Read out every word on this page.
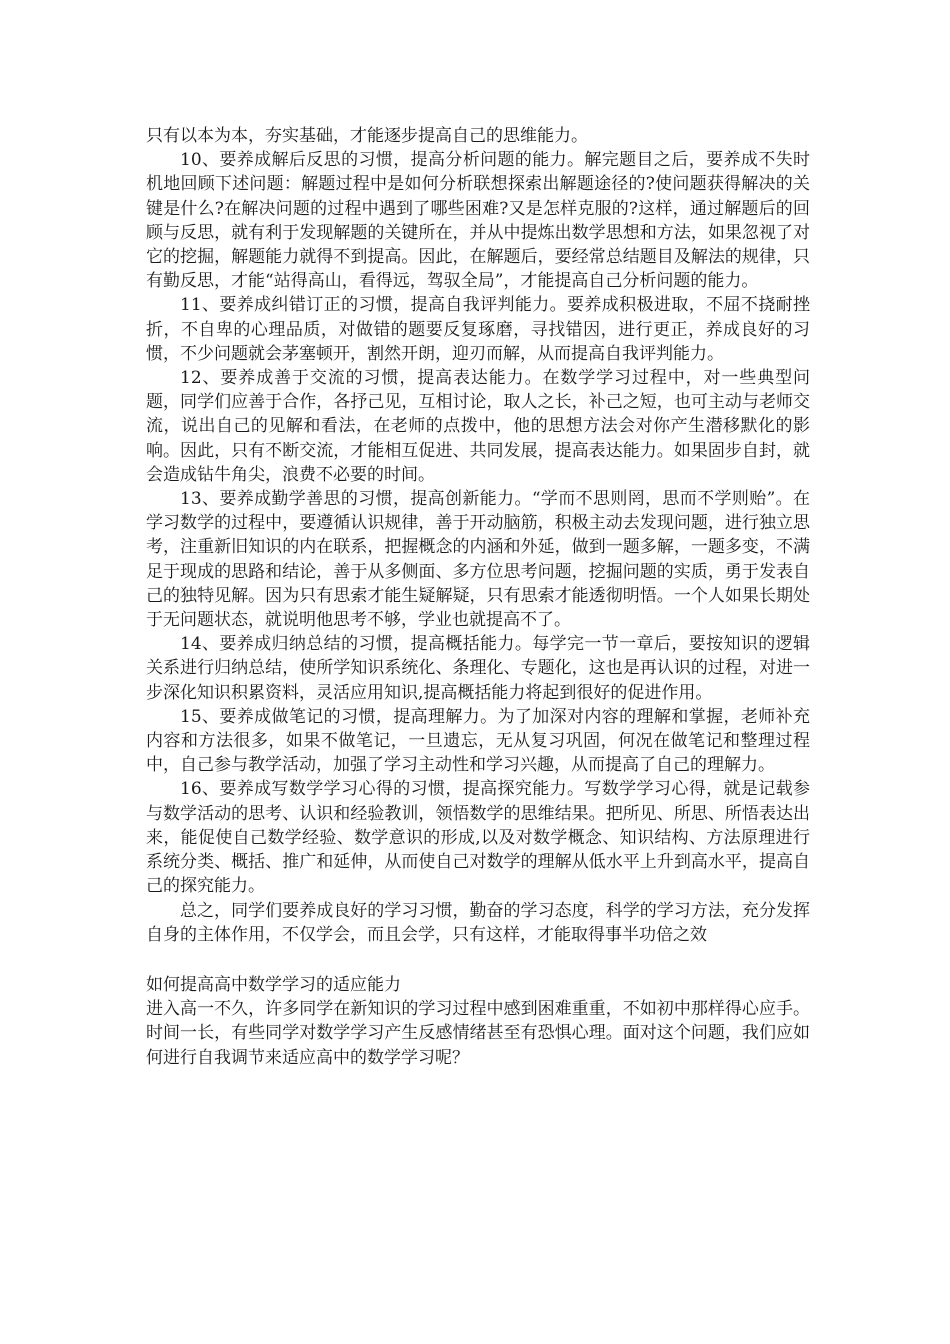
只有以本为本，夯实基础，才能逐步提高自己的思维能力。

10、要养成解后反思的习惯，提高分析问题的能力。解完题目之后，要养成不失时机地回顾下述问题：解题过程中是如何分析联想探索出解题途径的?使问题获得解决的关键是什么?在解决问题的过程中遇到了哪些困难?又是怎样克服的?这样，通过解题后的回顾与反思，就有利于发现解题的关键所在，并从中提炼出数学思想和方法，如果忽视了对它的挖掘，解题能力就得不到提高。因此，在解题后，要经常总结题目及解法的规律，只有勤反思，才能“站得高山，看得远，驾驭全局”，才能提高自己分析问题的能力。

11、要养成纠错订正的习惯，提高自我评判能力。要养成积极进取，不屈不挠耐挫折，不自卑的心理品质，对做错的题要反复琢磨，寻找错因，进行更正，养成良好的习惯，不少问题就会茅塞顿开，割然开朗，迎刃而解，从而提高自我评判能力。

12、要养成善于交流的习惯，提高表达能力。在数学学习过程中，对一些典型问题，同学们应善于合作，各抒己见，互相讨论，取人之长，补己之短，也可主动与老师交流，说出自己的见解和看法，在老师的点拨中，他的思想方法会对你产生潜移默化的影响。因此，只有不断交流，才能相互促进、共同发展，提高表达能力。如果固步自封，就会造成钻牛角尖，浪费不必要的时间。

13、要养成勤学善思的习惯，提高创新能力。“学而不思则罔，思而不学则贻”。在学习数学的过程中，要遵循认识规律，善于开动脑筋，积极主动去发现问题，进行独立思考，注重新旧知识的内在联系，把握概念的内涵和外延，做到一题多解，一题多变，不满足于现成的思路和结论，善于从多侧面、多方位思考问题，挖掘问题的实质，勇于发表自己的独特见解。因为只有思索才能生疑解疑，只有思索才能透彻明悟。一个人如果长期处于无问题状态，就说明他思考不够，学业也就提高不了。

14、要养成归纳总结的习惯，提高概括能力。每学完一节一章后，要按知识的逻辑关系进行归纳总结，使所学知识系统化、条理化、专题化，这也是再认识的过程，对进一步深化知识积累资料，灵活应用知识,提高概括能力将起到很好的促进作用。

15、要养成做笔记的习惯，提高理解力。为了加深对内容的理解和掌握，老师补充内容和方法很多，如果不做笔记，一旦遗忘，无从复习巩固，何况在做笔记和整理过程中，自己参与教学活动，加强了学习主动性和学习兴趣，从而提高了自己的理解力。

16、要养成写数学学习心得的习惯，提高探究能力。写数学学习心得，就是记载参与数学活动的思考、认识和经验教训，领悟数学的思维结果。把所见、所思、所悟表达出来，能促使自己数学经验、数学意识的形成,以及对数学概念、知识结构、方法原理进行系统分类、概括、推广和延伸，从而使自己对数学的理解从低水平上升到高水平，提高自己的探究能力。

总之，同学们要养成良好的学习习惯，勤奋的学习态度，科学的学习方法，充分发挥自身的主体作用，不仅学会，而且会学，只有这样，才能取得事半功倍之效

如何提高高中数学学习的适应能力

进入高一不久，许多同学在新知识的学习过程中感到困难重重，不如初中那样得心应手。时间一长，有些同学对数学学习产生反感情绪甚至有恐惧心理。面对这个问题，我们应如何进行自我调节来适应高中的数学学习呢？
